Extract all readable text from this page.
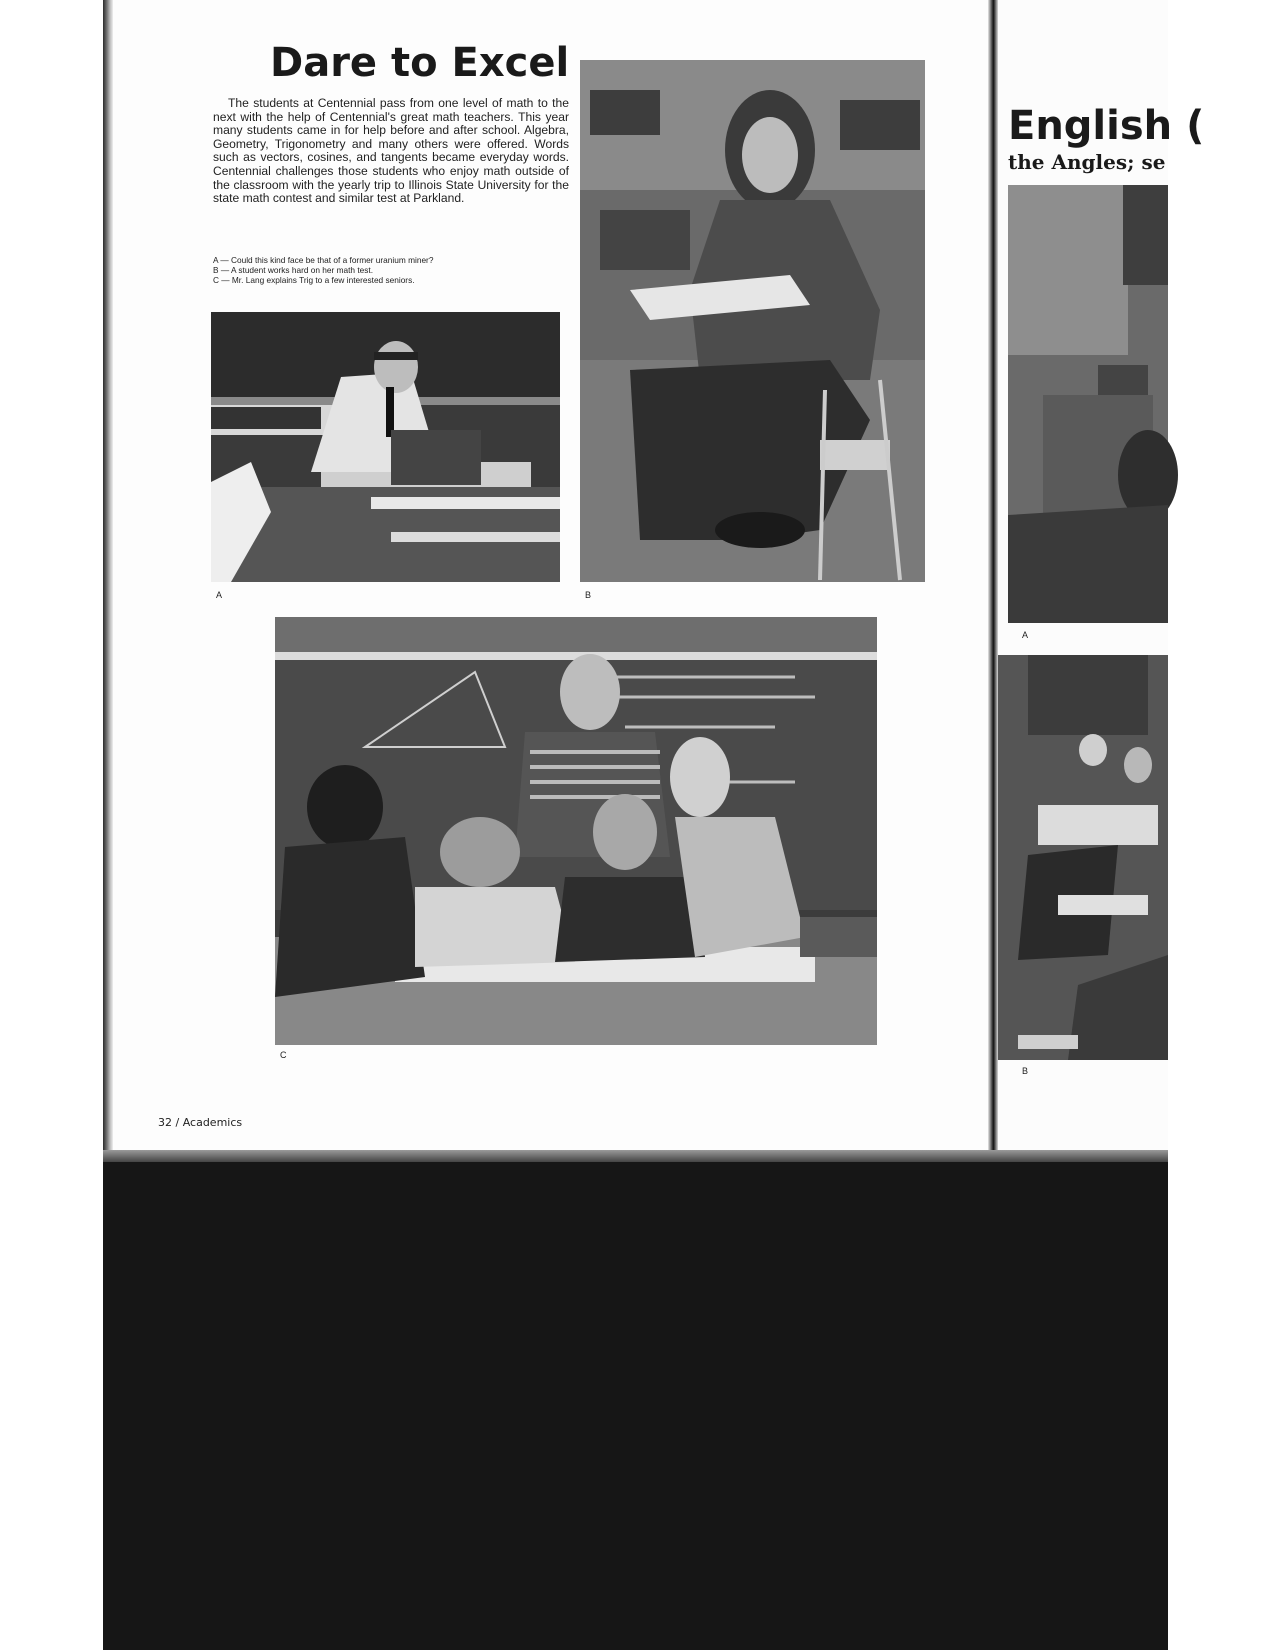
Dare to Excel

The students at Centennial pass from one level of math to the next with the help of Centennial's great math teachers. This year many students came in for help before and after school. Algebra, Geometry, Trigonometry and many others were offered. Words such as vectors, cosines, and tangents became everyday words. Centennial challenges those students who enjoy math outside of the classroom with the yearly trip to Illinois State University for the state math contest and similar test at Parkland.

A — Could this kind face be that of a former uranium miner?
B — A student works hard on her math test.
C — Mr. Lang explains Trig to a few interested seniors.
A	B
C
32 / Academics
English (
the Angles; se
A
B
